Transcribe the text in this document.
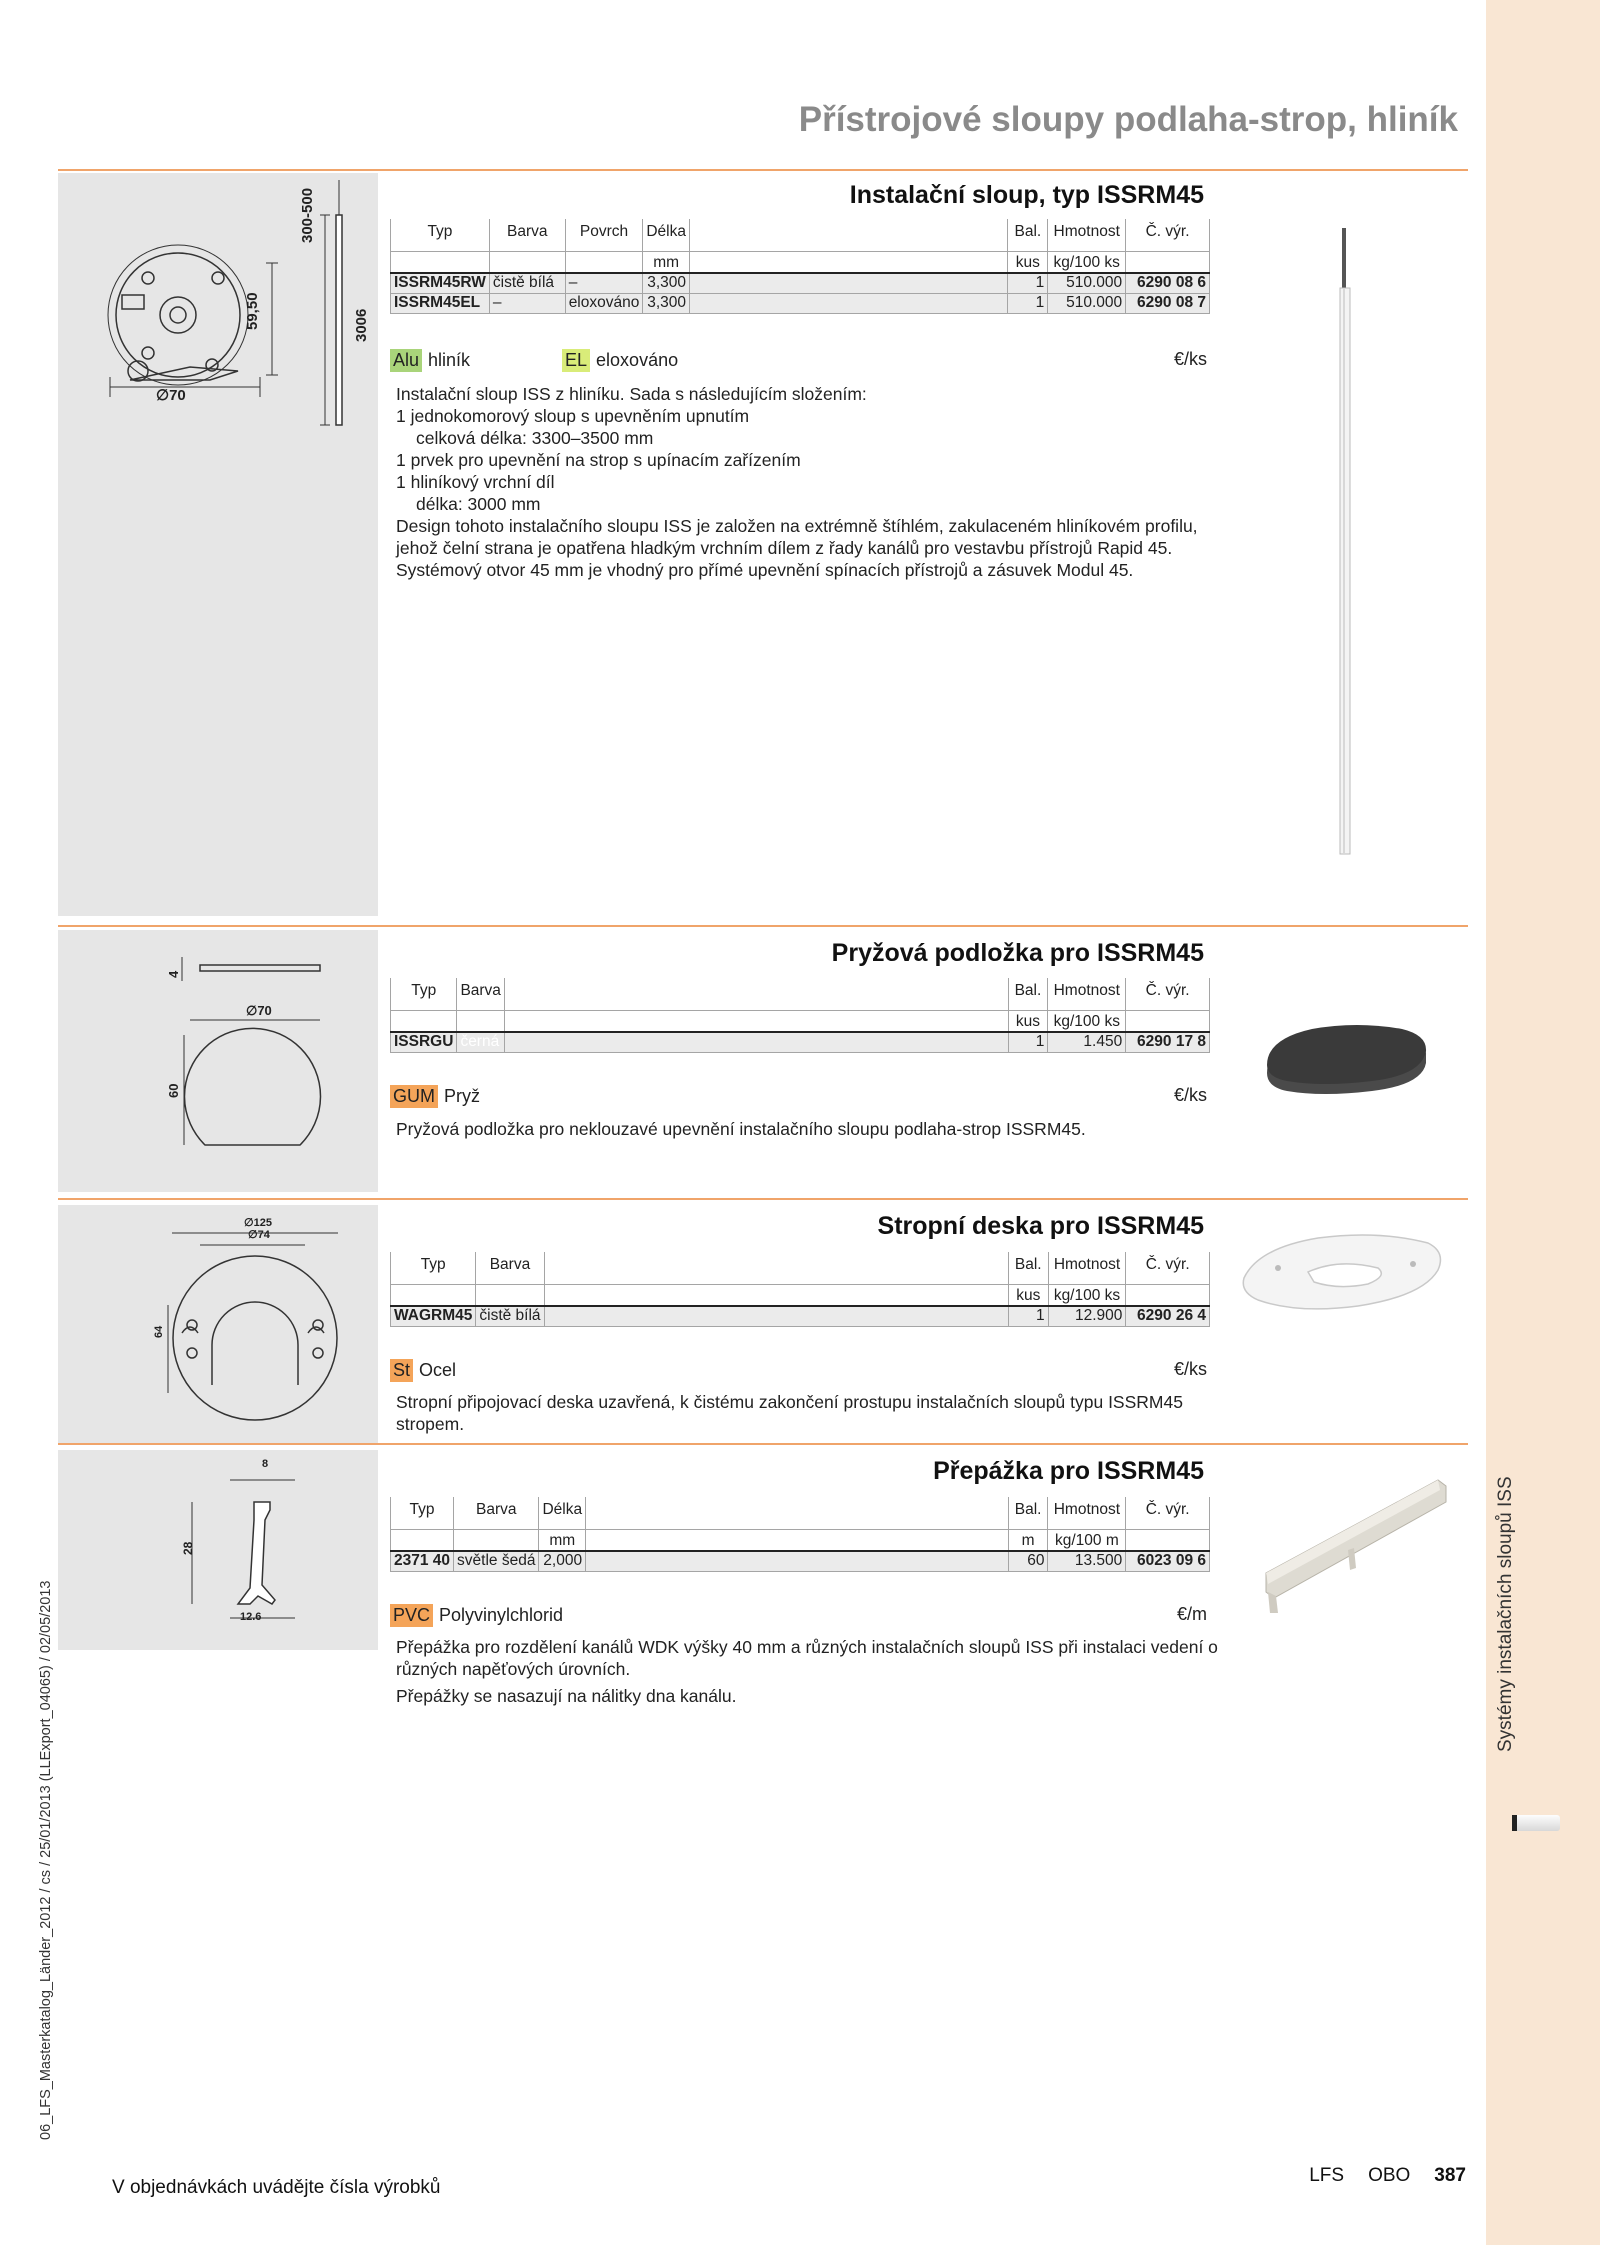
Systémy instalačních sloupů ISS
06_LFS_Masterkatalog_Länder_2012 / cs / 25/01/2013 (LLExport_04065) / 02/05/2013
Přístrojové sloupy podlaha-strop, hliník
∅70
59,50	3006
300-500	Instalační sloup, typ ISSRM45
Typ	Barva	Povrch	Délka		Bal.	Hmotnost	Č. výr.
			mm		kus	kg/100 ks	
ISSRM45RW	čistě bílá	–	3,300		1	510.000	6290 08 6
ISSRM45EL	–	eloxováno	3,300		1	510.000	6290 08 7
Alu hliník	EL eloxováno	€/ks

Instalační sloup ISS z hliníku. Sada s následujícím složením:

1 jednokomorový sloup s upevněním upnutím

celková délka: 3300–3500 mm

1 prvek pro upevnění na strop s upínacím zařízením

1 hliníkový vrchní díl

délka: 3000 mm

Design tohoto instalačního sloupu ISS je založen na extrémně štíhlém, zakulaceném hliníkovém profilu, jehož čelní strana je opatřena hladkým vrchním dílem z řady kanálů pro vestavbu přístrojů Rapid 45. Systémový otvor 45 mm je vhodný pro přímé upevnění spínacích přístrojů a zásuvek Modul 45.

4
∅70
60
Pryžová podložka pro ISSRM45
Typ	Barva		Bal.	Hmotnost	Č. výr.
			kus	kg/100 ks	
ISSRGU	černá		1	1.450	6290 17 8
GUM Pryž	€/ks
Pryžová podložka pro neklouzavé upevnění instalačního sloupu podlaha-strop ISSRM45.
∅125
∅74
64
Stropní deska pro ISSRM45
Typ	Barva		Bal.	Hmotnost	Č. výr.
			kus	kg/100 ks	
WAGRM45	čistě bílá		1	12.900	6290 26 4
St Ocel	€/ks
Stropní připojovací deska uzavřená, k čistému zakončení prostupu instalačních sloupů typu ISSRM45 stropem.
8
28
12.6
Přepážka pro ISSRM45
Typ	Barva	Délka		Bal.	Hmotnost	Č. výr.
		mm		m	kg/100 m	
2371 40	světle šedá	2,000		60	13.500	6023 09 6
PVC Polyvinylchlorid	€/m

Přepážka pro rozdělení kanálů WDK výšky 40 mm a různých instalačních sloupů ISS při instalaci vedení o různých napěťových úrovních.

Přepážky se nasazují na nálitky dna kanálu.

V objednávkách uvádějte čísla výrobků
LFS OBO 387
